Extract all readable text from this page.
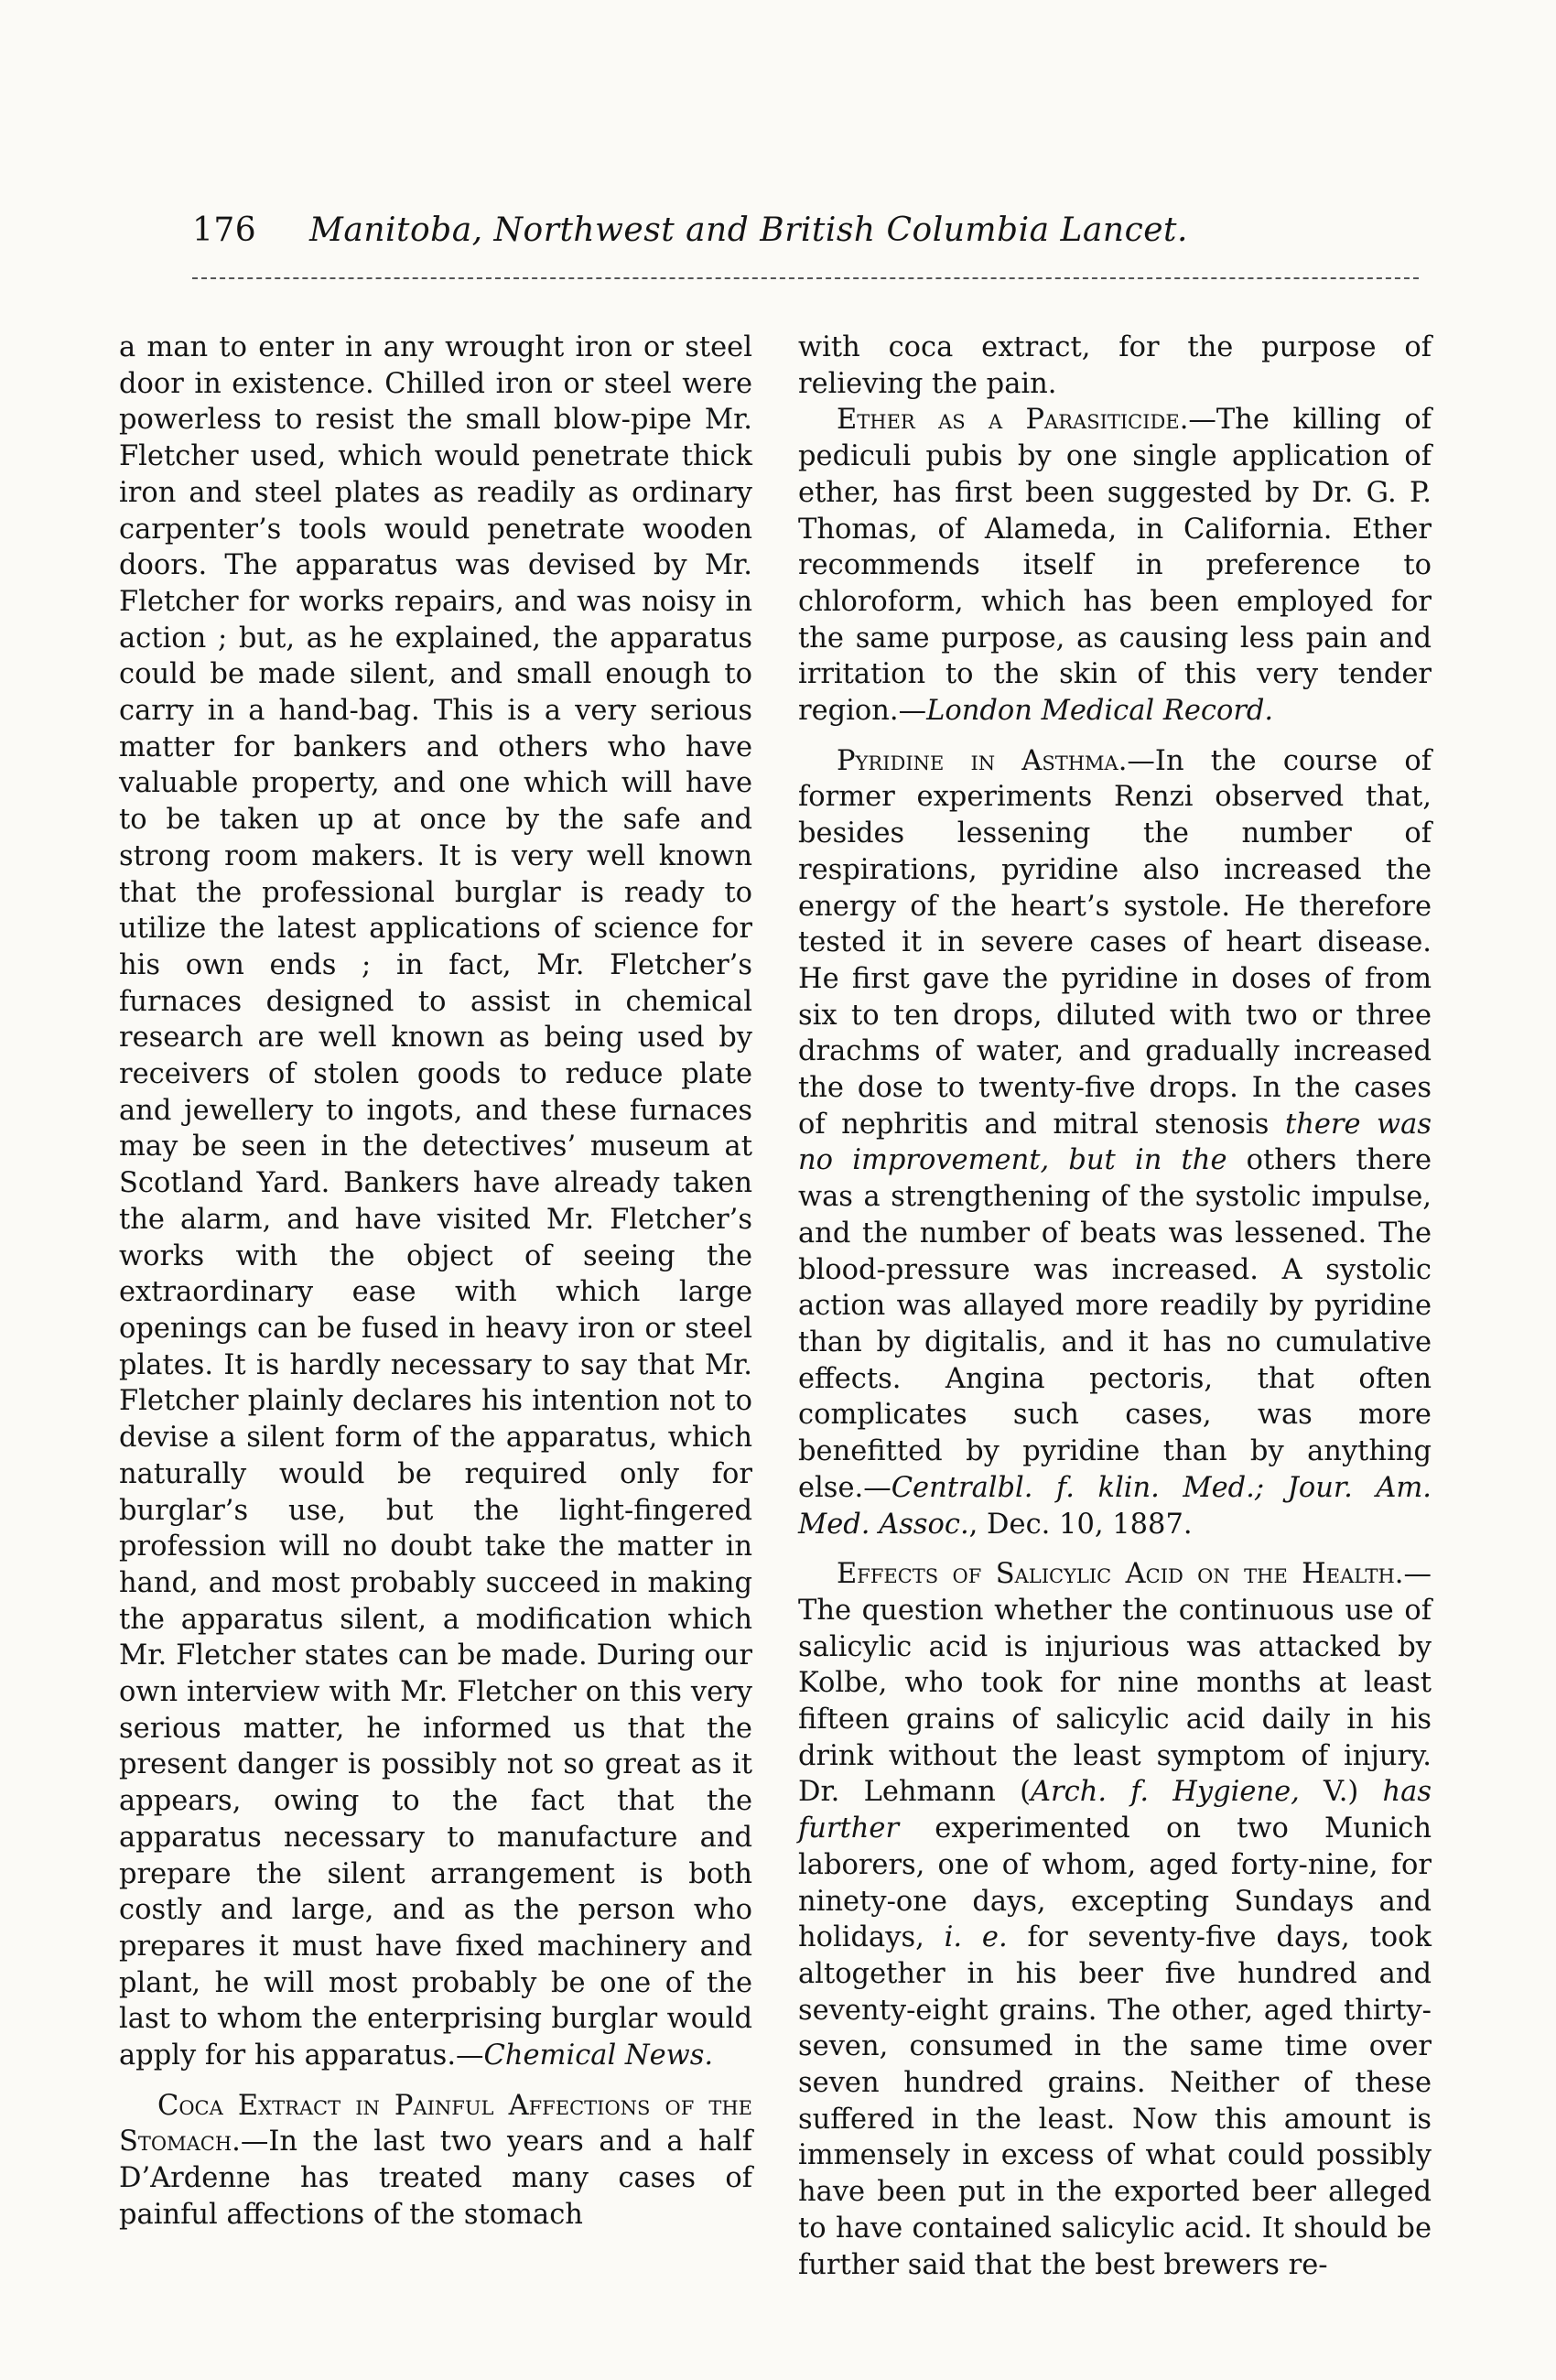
176 Manitoba, Northwest and British Columbia Lancet.

a man to enter in any wrought iron or steel door in existence. Chilled iron or steel were powerless to resist the small blow-pipe Mr. Fletcher used, which would penetrate thick iron and steel plates as readily as ordinary carpenter’s tools would penetrate wooden doors. The apparatus was devised by Mr. Fletcher for works repairs, and was noisy in action ; but, as he explained, the apparatus could be made silent, and small enough to carry in a hand-bag. This is a very serious matter for bankers and others who have valuable property, and one which will have to be taken up at once by the safe and strong room makers. It is very well known that the professional burglar is ready to utilize the latest applications of science for his own ends ; in fact, Mr. Fletcher’s furnaces designed to assist in chemical research are well known as being used by receivers of stolen goods to reduce plate and jewellery to ingots, and these furnaces may be seen in the detectives’ museum at Scotland Yard. Bankers have already taken the alarm, and have visited Mr. Fletcher’s works with the object of seeing the extraordinary ease with which large openings can be fused in heavy iron or steel plates. It is hardly necessary to say that Mr. Fletcher plainly declares his intention not to devise a silent form of the apparatus, which naturally would be required only for burglar’s use, but the light-fingered profession will no doubt take the matter in hand, and most probably succeed in making the apparatus silent, a modification which Mr. Fletcher states can be made. During our own interview with Mr. Fletcher on this very serious matter, he informed us that the present danger is possibly not so great as it appears, owing to the fact that the apparatus necessary to manufacture and prepare the silent arrangement is both costly and large, and as the person who prepares it must have fixed machinery and plant, he will most probably be one of the last to whom the enterprising burglar would apply for his apparatus.—Chemical News.

Coca Extract in Painful Affections of the Stomach.—In the last two years and a half D’Ardenne has treated many cases of painful affections of the stomach

with coca extract, for the purpose of relieving the pain.

Ether as a Parasiticide.—The killing of pediculi pubis by one single application of ether, has first been suggested by Dr. G. P. Thomas, of Alameda, in California. Ether recommends itself in preference to chloroform, which has been employed for the same purpose, as causing less pain and irritation to the skin of this very tender region.—London Medical Record.

Pyridine in Asthma.—In the course of former experiments Renzi observed that, besides lessening the number of respirations, pyridine also increased the energy of the heart’s systole. He therefore tested it in severe cases of heart disease. He first gave the pyridine in doses of from six to ten drops, diluted with two or three drachms of water, and gradually increased the dose to twenty-five drops. In the cases of nephritis and mitral stenosis there was no improvement, but in the others there was a strengthening of the systolic impulse, and the number of beats was lessened. The blood-pressure was increased. A systolic action was allayed more readily by pyridine than by digitalis, and it has no cumulative effects. Angina pectoris, that often complicates such cases, was more benefitted by pyridine than by anything else.—Centralbl. f. klin. Med.; Jour. Am. Med. Assoc., Dec. 10, 1887.

Effects of Salicylic Acid on the Health.—The question whether the continuous use of salicylic acid is injurious was attacked by Kolbe, who took for nine months at least fifteen grains of salicylic acid daily in his drink without the least symptom of injury. Dr. Lehmann (Arch. f. Hygiene, V.) has further experimented on two Munich laborers, one of whom, aged forty-nine, for ninety-one days, excepting Sundays and holidays, i. e. for seventy-five days, took altogether in his beer five hundred and seventy-eight grains. The other, aged thirty-seven, consumed in the same time over seven hundred grains. Neither of these suffered in the least. Now this amount is immensely in excess of what could possibly have been put in the exported beer alleged to have contained salicylic acid. It should be further said that the best brewers re-
